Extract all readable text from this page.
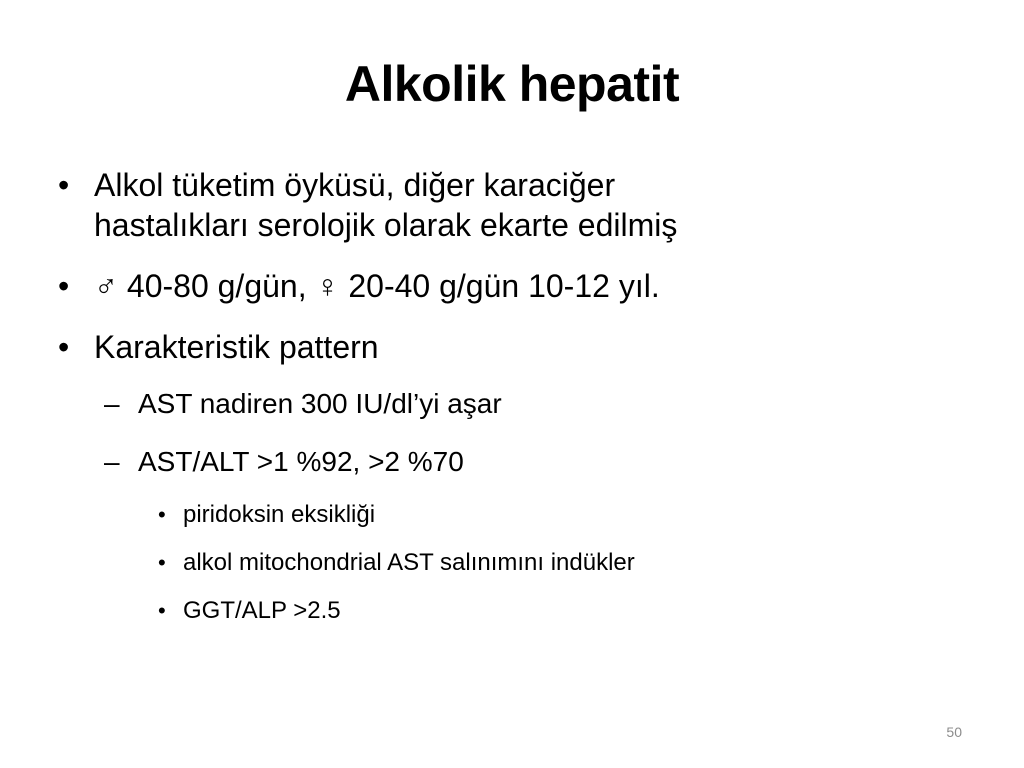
Alkolik hepatit
• Alkol tüketim öyküsü, diğer karaciğer
hastalıkları serolojik olarak ekarte edilmiş
• ♂ 40-80 g/gün, ♀ 20-40 g/gün 10-12 yıl.
• Karakteristik pattern
– AST nadiren 300 IU/dl’yi aşar
– AST/ALT >1 %92, >2 %70
• piridoksin eksikliği
• alkol mitochondrial AST salınımını indükler
• GGT/ALP >2.5
50
